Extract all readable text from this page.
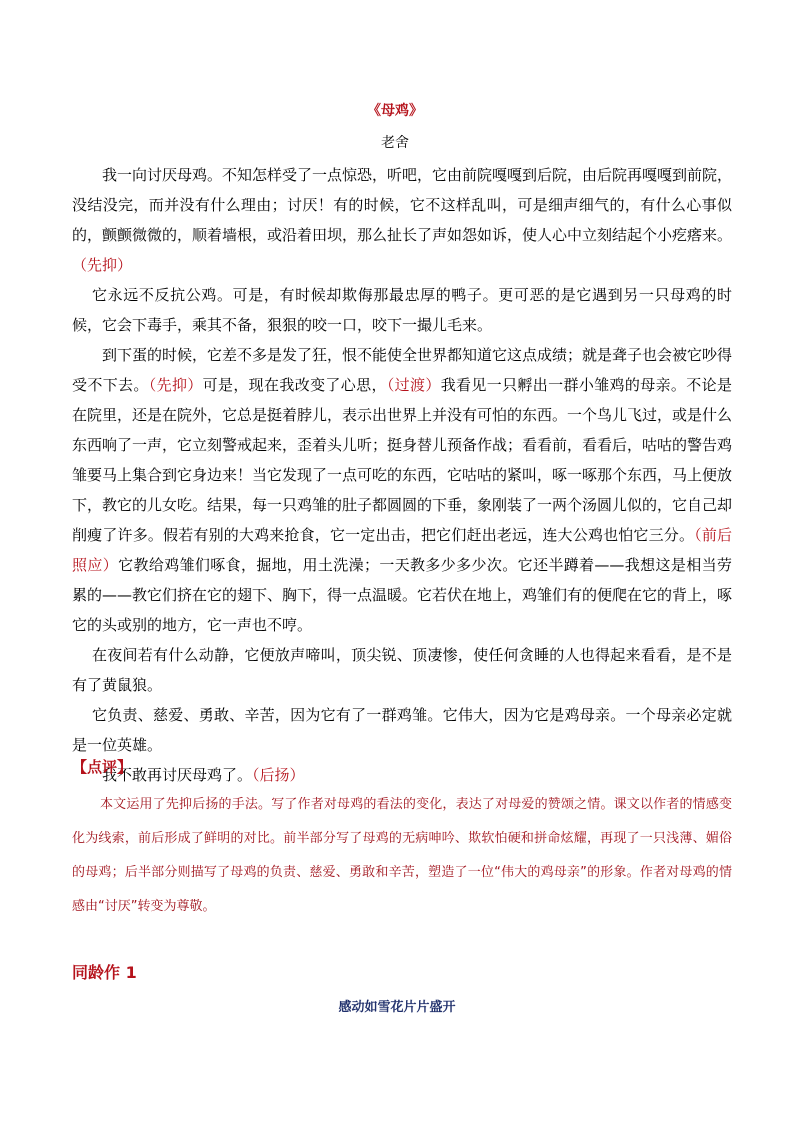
《母鸡》
老舍

我一向讨厌母鸡。不知怎样受了一点惊恐，听吧，它由前院嘎嘎到后院，由后院再嘎嘎到前院，没结没完，而并没有什么理由；讨厌！有的时候，它不这样乱叫，可是细声细气的，有什么心事似的，颤颤微微的，顺着墙根，或沿着田坝，那么扯长了声如怨如诉，使人心中立刻结起个小疙瘩来。（先抑）

它永远不反抗公鸡。可是，有时候却欺侮那最忠厚的鸭子。更可恶的是它遇到另一只母鸡的时候，它会下毒手，乘其不备，狠狠的咬一口，咬下一撮儿毛来。

到下蛋的时候，它差不多是发了狂，恨不能使全世界都知道它这点成绩；就是聋子也会被它吵得受不下去。（先抑）可是，现在我改变了心思，（过渡）我看见一只孵出一群小雏鸡的母亲。不论是在院里，还是在院外，它总是挺着脖儿，表示出世界上并没有可怕的东西。一个鸟儿飞过，或是什么东西响了一声，它立刻警戒起来，歪着头儿听；挺身替儿预备作战；看看前，看看后，咕咕的警告鸡雏要马上集合到它身边来！当它发现了一点可吃的东西，它咕咕的紧叫，啄一啄那个东西，马上便放下，教它的儿女吃。结果，每一只鸡雏的肚子都圆圆的下垂，象刚装了一两个汤圆儿似的，它自己却削瘦了许多。假若有别的大鸡来抢食，它一定出击，把它们赶出老远，连大公鸡也怕它三分。（前后照应）它教给鸡雏们啄食，掘地，用土洗澡；一天教多少多少次。它还半蹲着——我想这是相当劳累的——教它们挤在它的翅下、胸下，得一点温暖。它若伏在地上，鸡雏们有的便爬在它的背上，啄它的头或别的地方，它一声也不哼。

在夜间若有什么动静，它便放声啼叫，顶尖锐、顶凄惨，使任何贪睡的人也得起来看看，是不是有了黄鼠狼。

它负责、慈爱、勇敢、辛苦，因为它有了一群鸡雏。它伟大，因为它是鸡母亲。一个母亲必定就是一位英雄。

我不敢再讨厌母鸡了。（后扬）

【点评】

本文运用了先抑后扬的手法。写了作者对母鸡的看法的变化，表达了对母爱的赞颂之情。课文以作者的情感变化为线索，前后形成了鲜明的对比。前半部分写了母鸡的无病呻吟、欺软怕硬和拼命炫耀，再现了一只浅薄、媚俗的母鸡；后半部分则描写了母鸡的负责、慈爱、勇敢和辛苦，塑造了一位“伟大的鸡母亲”的形象。作者对母鸡的情感由“讨厌”转变为尊敬。

同龄作 1
感动如雪花片片盛开
